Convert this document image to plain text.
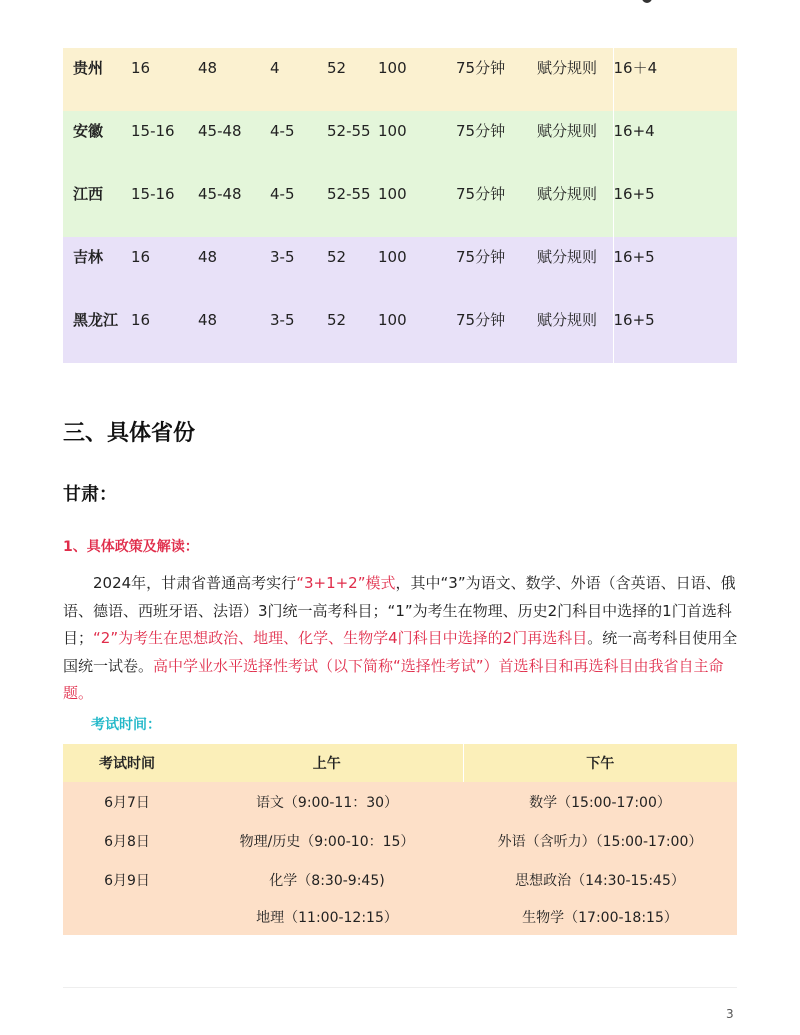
贵州	16	48	4	52	100	75分钟	赋分规则	16＋4
安徽	15-16	45-48	4-5	52-55	100	75分钟	赋分规则	16+4
江西	15-16	45-48	4-5	52-55	100	75分钟	赋分规则	16+5
吉林	16	48	3-5	52	100	75分钟	赋分规则	16+5
黑龙江	16	48	3-5	52	100	75分钟	赋分规则	16+5
三、具体省份
甘肃：
1、具体政策及解读：
2024年，甘肃省普通高考实行“3+1+2”模式，其中“3”为语文、数学、外语（含英语、日语、俄语、德语、西班牙语、法语）3门统一高考科目；“1”为考生在物理、历史2门科目中选择的1门首选科目；“2”为考生在思想政治、地理、化学、生物学4门科目中选择的2门再选科目。统一高考科目使用全国统一试卷。高中学业水平选择性考试（以下简称“选择性考试”）首选科目和再选科目由我省自主命题。
考试时间：
考试时间	上午	下午
6月7日	语文（9:00-11：30）	数学（15:00-17:00）
6月8日	物理/历史（9:00-10：15）	外语（含听力）（15:00-17:00）
6月9日	化学（8:30-9:45)	思想政治（14:30-15:45）
	地理（11:00-12:15）	生物学（17:00-18:15）
3
